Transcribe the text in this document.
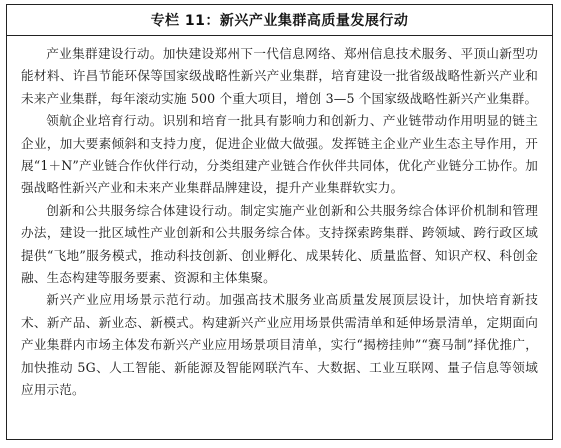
专栏 11：新兴产业集群高质量发展行动

产业集群建设行动。加快建设郑州下一代信息网络、郑州信息技术服务、平顶山新型功能材料、许昌节能环保等国家级战略性新兴产业集群，培育建设一批省级战略性新兴产业和未来产业集群，每年滚动实施 500 个重大项目，增创 3—5 个国家级战略性新兴产业集群。

领航企业培育行动。识别和培育一批具有影响力和创新力、产业链带动作用明显的链主企业，加大要素倾斜和支持力度，促进企业做大做强。发挥链主企业产业生态主导作用，开展“1＋N”产业链合作伙伴行动，分类组建产业链合作伙伴共同体，优化产业链分工协作。加强战略性新兴产业和未来产业集群品牌建设，提升产业集群软实力。

创新和公共服务综合体建设行动。制定实施产业创新和公共服务综合体评价机制和管理办法，建设一批区域性产业创新和公共服务综合体。支持探索跨集群、跨领域、跨行政区域提供“飞地”服务模式，推动科技创新、创业孵化、成果转化、质量监督、知识产权、科创金融、生态构建等服务要素、资源和主体集聚。

新兴产业应用场景示范行动。加强高技术服务业高质量发展顶层设计，加快培育新技术、新产品、新业态、新模式。构建新兴产业应用场景供需清单和延伸场景清单，定期面向产业集群内市场主体发布新兴产业应用场景项目清单，实行“揭榜挂帅”“赛马制”择优推广，加快推动 5G、人工智能、新能源及智能网联汽车、大数据、工业互联网、量子信息等领域应用示范。
